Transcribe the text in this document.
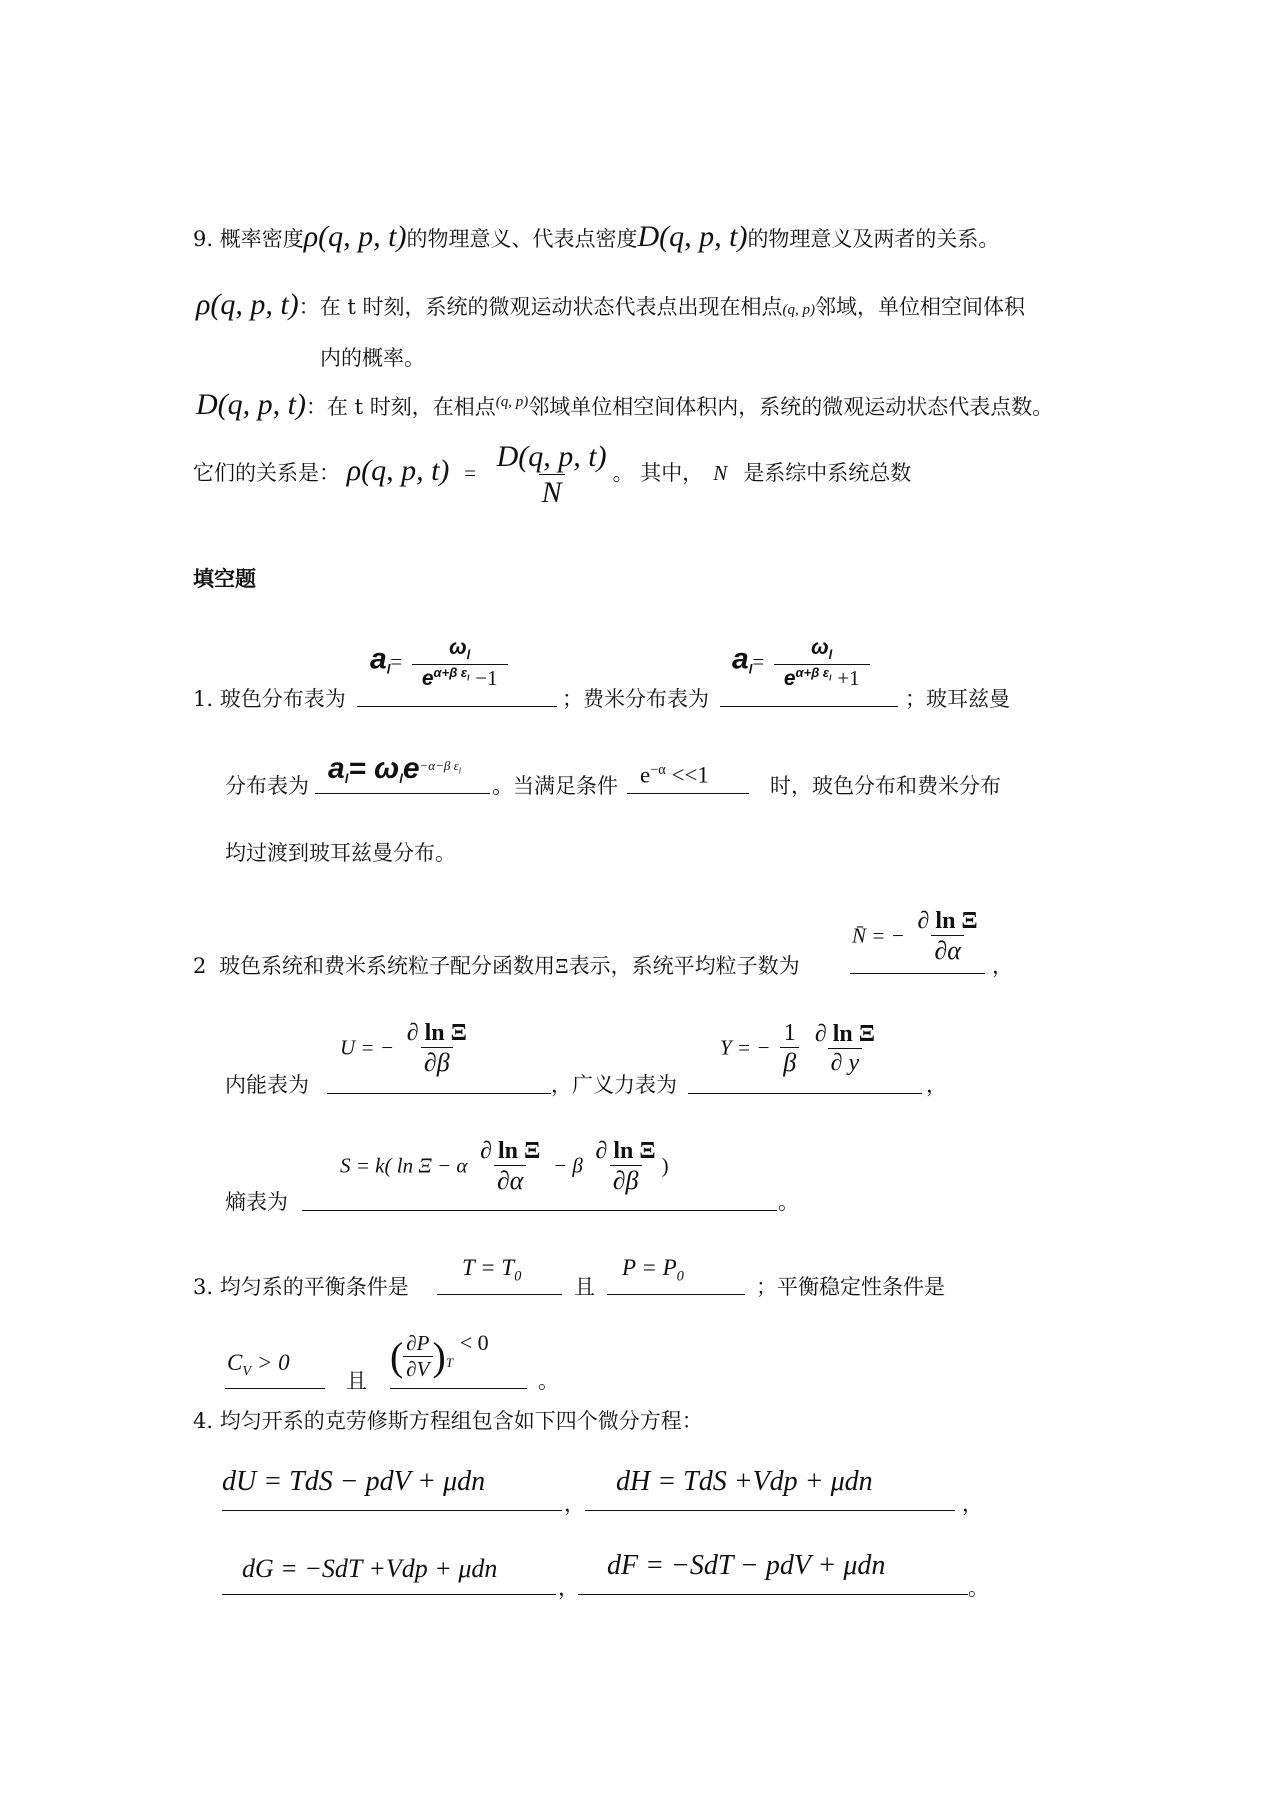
9. 概率密度ρ(q, p, t)的物理意义、代表点密度D(q, p, t)的物理意义及两者的关系。
ρ(q, p, t)：在 t 时刻，系统的微观运动状态代表点出现在相点(q, p)邻域，单位相空间体积
内的概率。
D(q, p, t)：在 t 时刻，在相点$^{(q, p)}$邻域单位相空间体积内，系统的微观运动状态代表点数。
它们的关系是： ρ(q, p, $t) = \frac{D(q, p, t)}{N}$ 。 其中， N 是系综中系统总数
填空题
1. 玻色分布表为
$a_l= \frac{\omega_l}{e^{\alpha+\beta \varepsilon_l} -1}$
；费米分布表为
$a_l= \frac{\omega_l}{e^{\alpha+\beta \varepsilon_l} +1}$
；玻耳兹曼
分布表为
$a_l= \omega_le^{-\alpha-\beta \varepsilon_l}$
。当满足条件 $e^{-\alpha} <<1$	时，玻色分布和费米分布
均过渡到玻耳兹曼分布。
2 玻色系统和费米系统粒子配分函数用Ξ表示，系统平均粒子数为
N̄ = − $\frac{\text{∂ ln Ξ}}{\partial\alpha}$
，
内能表为
U = − $\frac{\text{∂ ln Ξ}}{\partial\beta}$
，广义力表为
Y = − $\frac{1}{\beta}$
$\frac{\text{∂ ln Ξ}}{\partial y}$
，
熵表为
S = k( ln Ξ − α $\frac{\text{∂ ln Ξ}}{\partial\alpha} - \beta \frac{\text{∂ ln Ξ}}{\partial\beta}$ )
。
3. 均匀系的平衡条件是
$T = T_0$	且
$P = P_0$	；平衡稳定性条件是
$C_V > 0$
且
( $\frac{\partial P}{\partial V} )_T < 0$
。
4. 均匀开系的克劳修斯方程组包含如下四个微分方程：
dU = TdS − pdV + μdn
，
dH = TdS +Vdp + μdn
，
dG = −SdT +Vdp + μdn
，
dF = −SdT − pdV + μdn
。
